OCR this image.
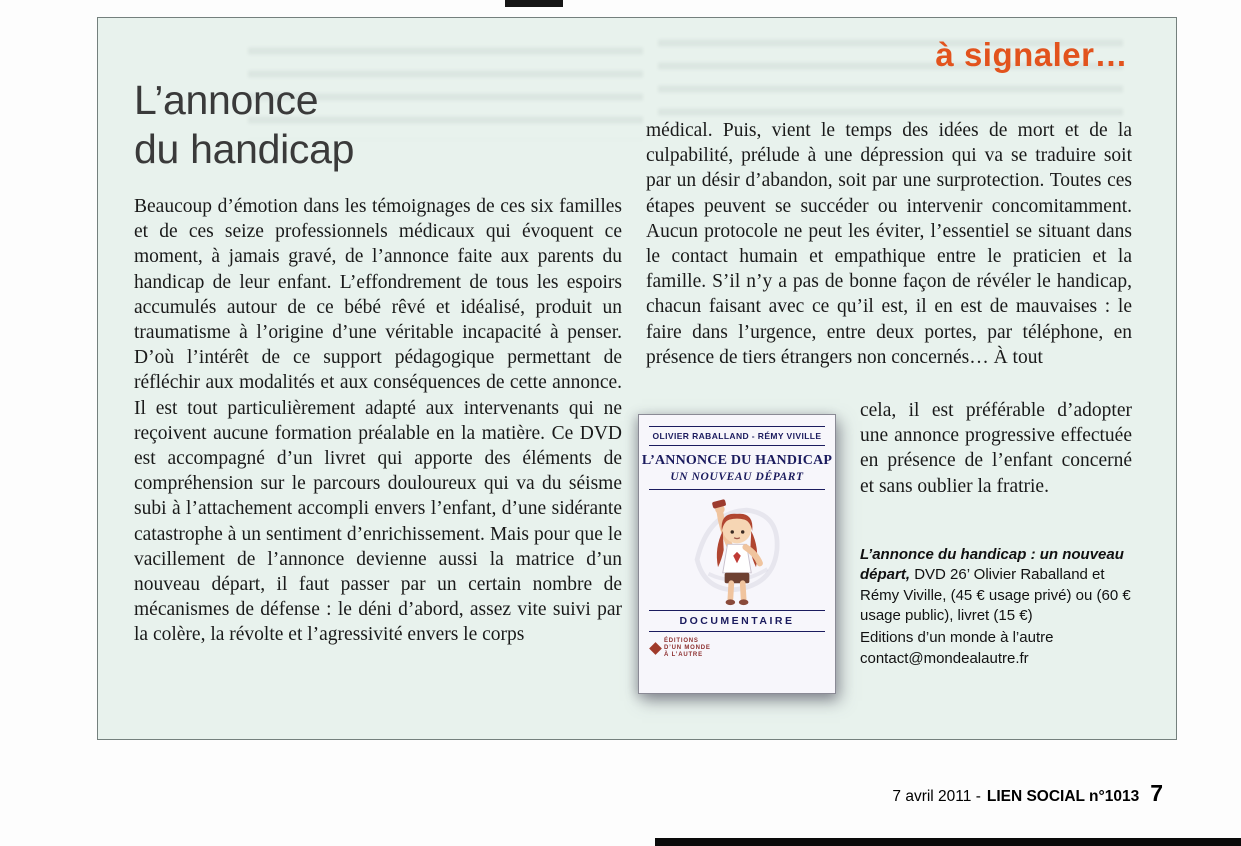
à signaler…
L’annonce
du handicap

Beaucoup d’émotion dans les témoignages de ces six familles et de ces seize professionnels médicaux qui évoquent ce moment, à jamais gravé, de l’annonce faite aux parents du handicap de leur enfant. L’effondrement de tous les espoirs accumulés autour de ce bébé rêvé et idéalisé, produit un traumatisme à l’origine d’une véritable incapacité à penser. D’où l’intérêt de ce support pédagogique permettant de réfléchir aux modalités et aux conséquences de cette annonce. Il est tout particulièrement adapté aux intervenants qui ne reçoivent aucune formation préalable en la matière. Ce DVD est accompagné d’un livret qui apporte des éléments de compréhension sur le parcours douloureux qui va du séisme subi à l’attachement accompli envers l’enfant, d’une sidérante catastrophe à un sentiment d’enrichissement. Mais pour que le vacillement de l’annonce devienne aussi la matrice d’un nouveau départ, il faut passer par un certain nombre de mécanismes de défense : le déni d’abord, assez vite suivi par la colère, la révolte et l’agressivité envers le corps

médical. Puis, vient le temps des idées de mort et de la culpabilité, prélude à une dépression qui va se traduire soit par un désir d’abandon, soit par une surprotection. Toutes ces étapes peuvent se succéder ou intervenir concomitamment. Aucun protocole ne peut les éviter, l’essentiel se situant dans le contact humain et empathique entre le praticien et la famille. S’il n’y a pas de bonne façon de révéler le handicap, chacun faisant avec ce qu’il est, il en est de mauvaises : le faire dans l’urgence, entre deux portes, par téléphone, en présence de tiers étrangers non concernés… À tout

OLIVIER RABALLAND - RÉMY VIVILLE
L’ANNONCE DU HANDICAP
UN NOUVEAU DÉPART
DOCUMENTAIRE
ÉDITIONS
D’UN MONDE
À L’AUTRE

cela, il est préférable d’adopter une annonce progressive effectuée en présence de l’enfant concerné et sans oublier la fratrie.

L’annonce du handicap : un nouveau départ, DVD 26’ Olivier Raballand et Rémy Viville, (45 € usage privé) ou (60 € usage public), livret (15 €)
Editions d’un monde à l’autre
contact@mondealautre.fr
7 avril 2011 - LIEN SOCIAL n°1013 7
